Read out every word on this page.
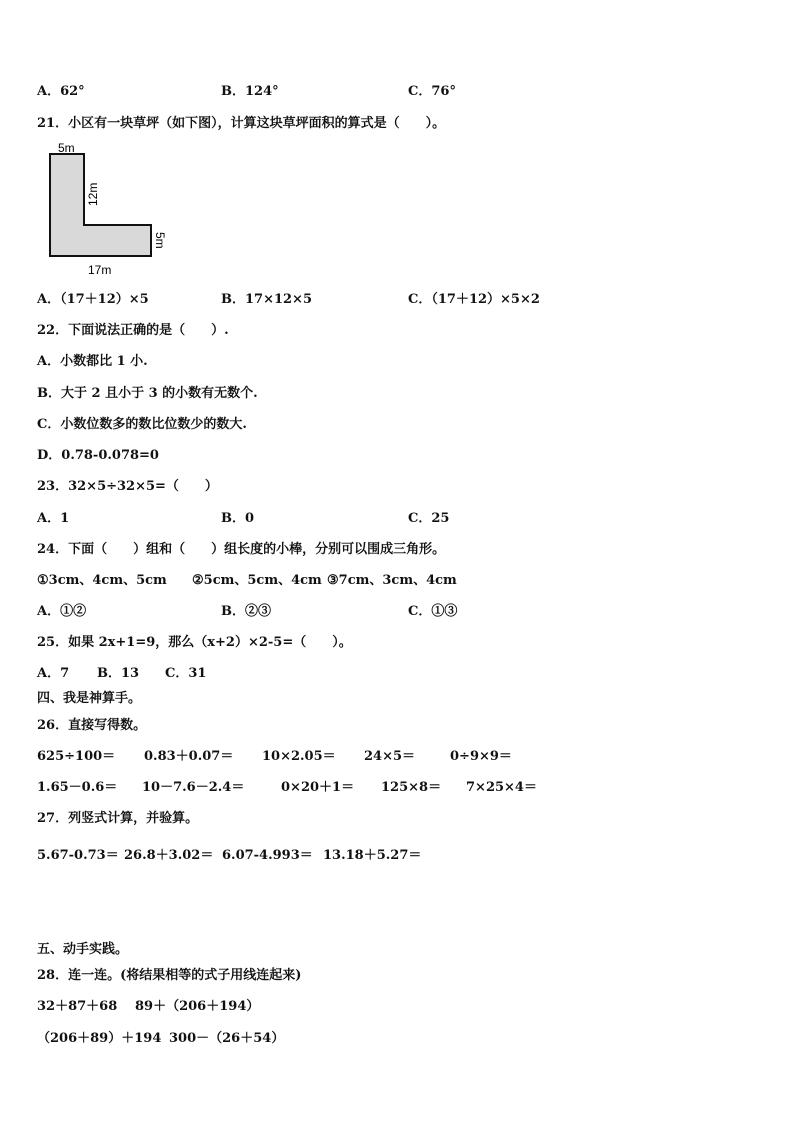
A．62°	B．124°	C．76°
21．小区有一块草坪（如下图），计算这块草坪面积的算式是（　　）。
5m
12m
5m
17m
A．（17＋12）×5	B．17×12×5	C．（17＋12）×5×2
22．下面说法正确的是（　　）.
A．小数都比 1 小.
B．大于 2 且小于 3 的小数有无数个.
C．小数位数多的数比位数少的数大.
D．0.78-0.078=0
23．32×5÷32×5=（　　）
A．1	B．0	C．25
24．下面（　　）组和（　　）组长度的小棒，分别可以围成三角形。
①3cm、4cm、5cm ②5cm、5cm、4cm ③7cm、3cm、4cm
A．①②	B．②③	C．①③
25．如果 2x+1=9，那么（x+2）×2-5=（　　）。
A．7 B．13 C．31
四、我是神算手。
26．直接写得数。
625÷100＝ 0.83＋0.07＝ 10×2.05＝ 24×5＝	0÷9×9＝
1.65－0.6＝ 10－7.6－2.4＝	0×20＋1＝ 125×8＝ 7×25×4＝
27．列竖式计算，并验算。
5.67-0.73＝ 26.8＋3.02＝ 6.07-4.993＝ 13.18＋5.27＝
五、动手实践。
28．连一连。(将结果相等的式子用线连起来)
32＋87＋68 89＋（206＋194）
（206＋89）＋194 300－（26＋54）
